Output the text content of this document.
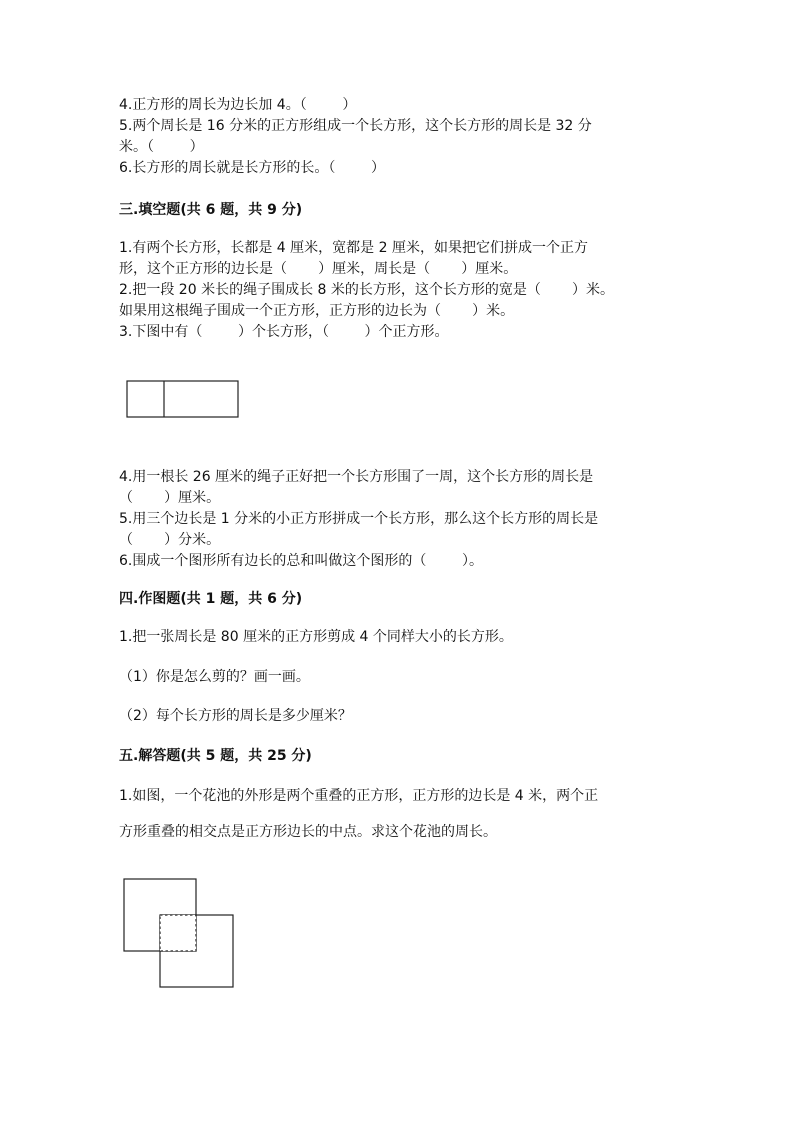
4.正方形的周长为边长加 4。（        ）
5.两个周长是 16 分米的正方形组成一个长方形，这个长方形的周长是 32 分
米。（        ）
6.长方形的周长就是长方形的长。（        ）
三.填空题(共 6 题，共 9 分)
1.有两个长方形，长都是 4 厘米，宽都是 2 厘米，如果把它们拼成一个正方
形，这个正方形的边长是（       ）厘米，周长是（       ）厘米。
2.把一段 20 米长的绳子围成长 8 米的长方形，这个长方形的宽是（       ）米。
如果用这根绳子围成一个正方形，正方形的边长为（       ）米。
3.下图中有（        ）个长方形，（        ）个正方形。
4.用一根长 26 厘米的绳子正好把一个长方形围了一周，这个长方形的周长是
（       ）厘米。
5.用三个边长是 1 分米的小正方形拼成一个长方形，那么这个长方形的周长是
（       ）分米。
6.围成一个图形所有边长的总和叫做这个图形的（        ）。
四.作图题(共 1 题，共 6 分)
1.把一张周长是 80 厘米的正方形剪成 4 个同样大小的长方形。
（1）你是怎么剪的？画一画。
（2）每个长方形的周长是多少厘米？
五.解答题(共 5 题，共 25 分)
1.如图，一个花池的外形是两个重叠的正方形，正方形的边长是 4 米，两个正
方形重叠的相交点是正方形边长的中点。求这个花池的周长。
